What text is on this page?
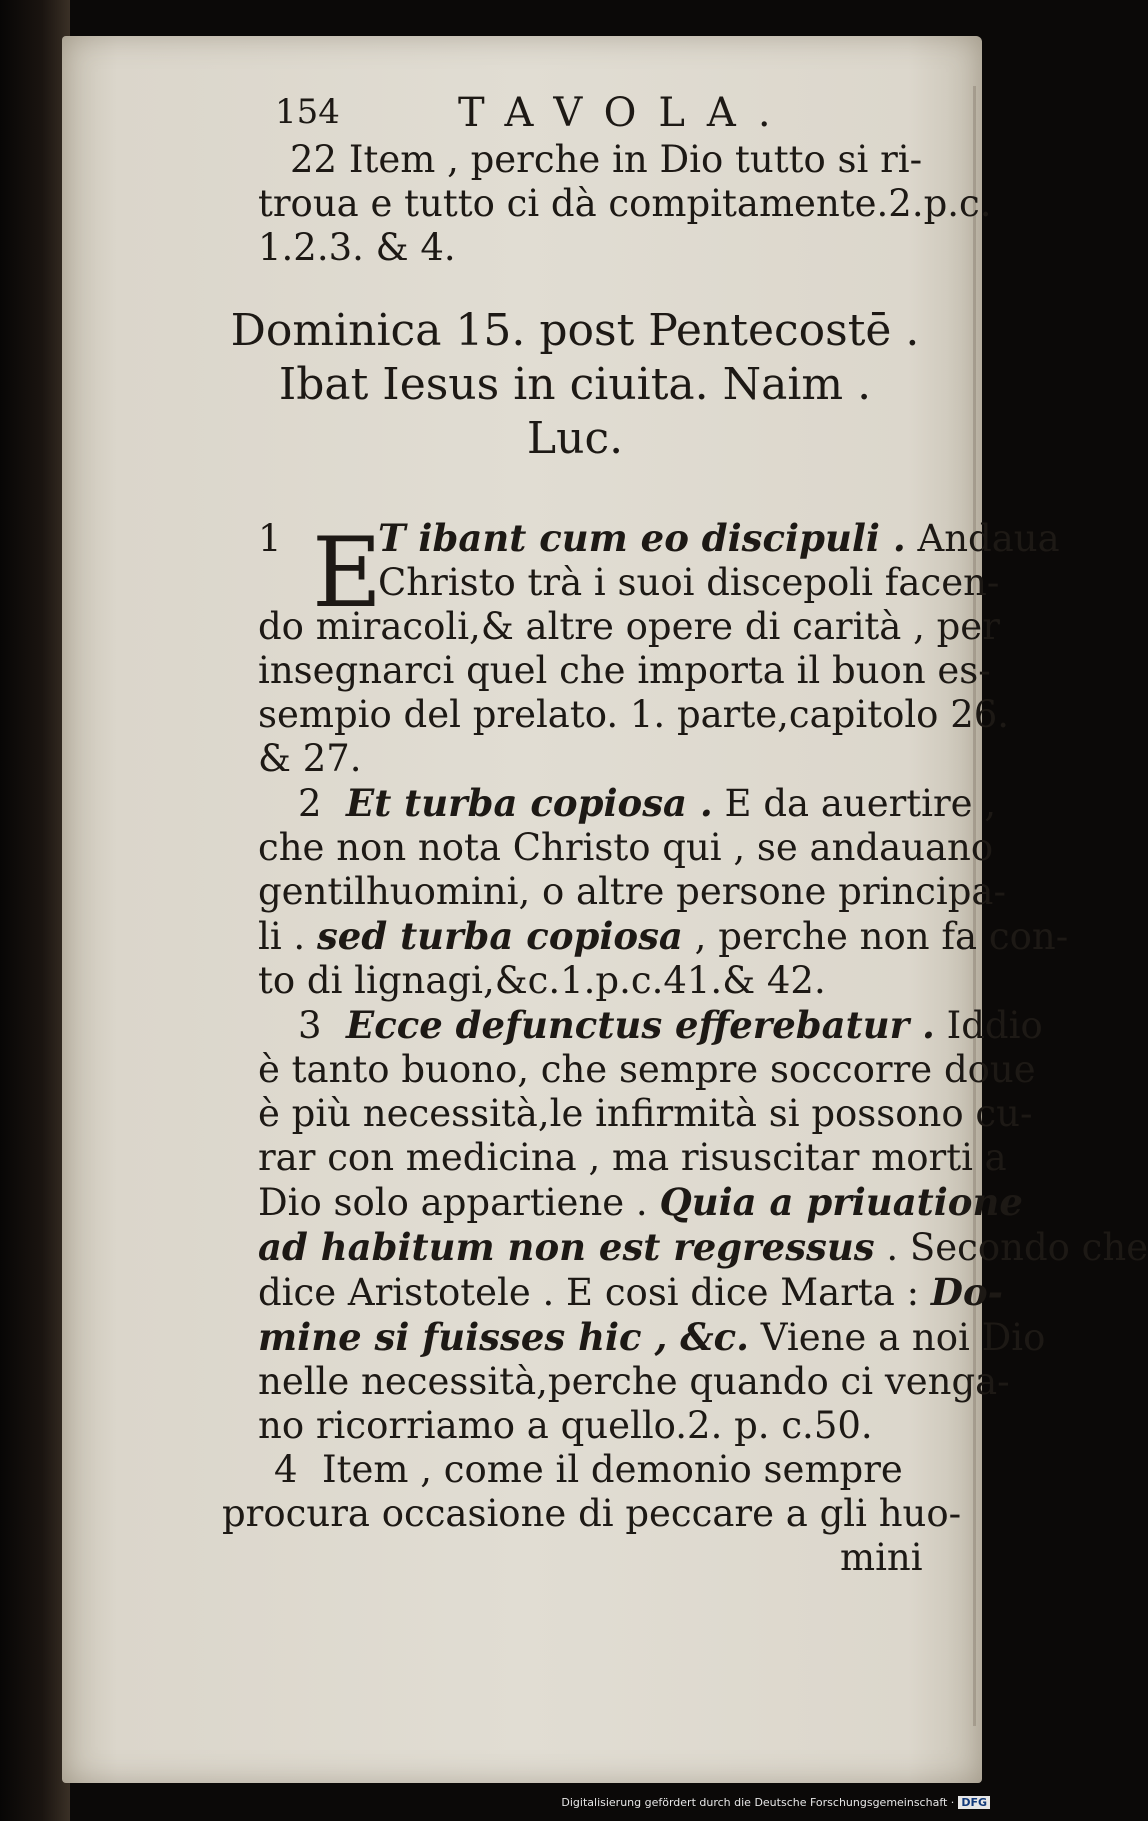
E
154	TAVOLA.
22 Item , perche in Dio tutto si ri-
troua e tutto ci dà compitamente.2.p.c.
1.2.3. & 4.
Dominica 15. post Pentecostē .
Ibat Iesus in ciuita. Naim .
Luc.
1	T ibant cum eo discipuli . Andaua
Christo trà i suoi discepoli facen-
do miracoli,& altre opere di carità , per
insegnarci quel che importa il buon es-
sempio del prelato. 1. parte,capitolo 26.
& 27.
2 Et turba copiosa . E da auertire ,
che non nota Christo qui , se andauano
gentilhuomini, o altre persone principa-
li . sed turba copiosa , perche non fa con-
to di lignagi,&c.1.p.c.41.& 42.
3 Ecce defunctus efferebatur . Iddio
è tanto buono, che sempre soccorre doue
è più necessità,le infirmità si possono cu-
rar con medicina , ma risuscitar morti a
Dio solo appartiene . Quia a priuatione
ad habitum non est regressus . Secondo che
dice Aristotele . E cosi dice Marta : Do-
mine si fuisses hic , &c. Viene a noi Dio
nelle necessità,perche quando ci venga-
no ricorriamo a quello.2. p. c.50.
4 Item , come il demonio sempre
procura occasione di peccare a gli huo-
mini
Digitalisierung gefördert durch die Deutsche Forschungsgemeinschaft · DFG
